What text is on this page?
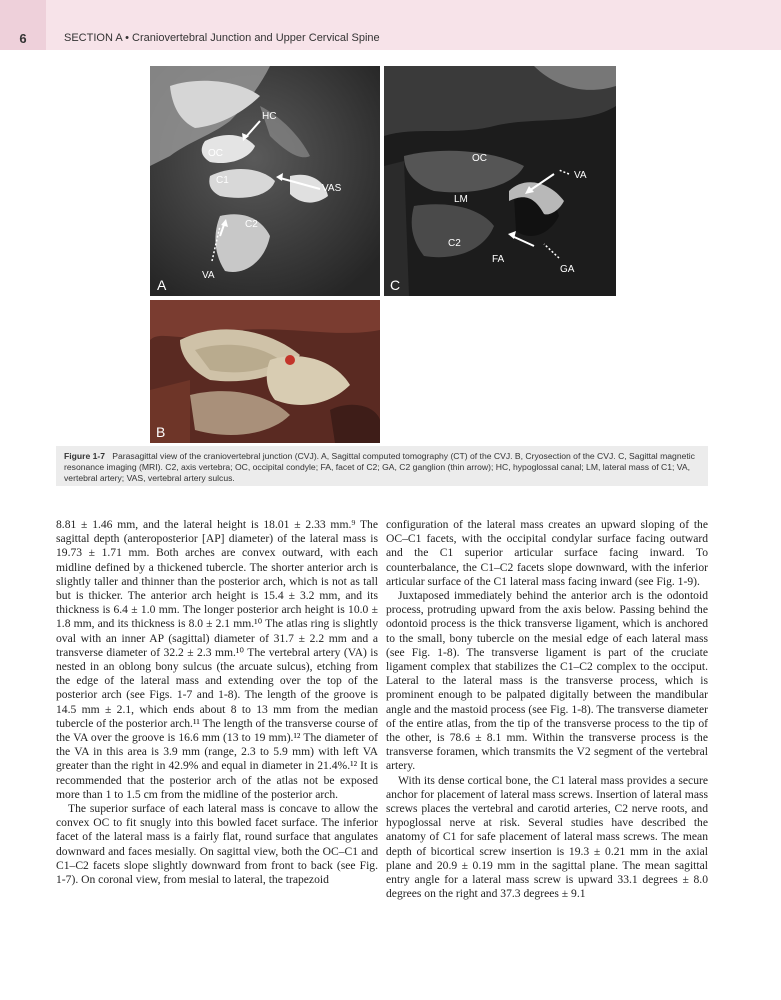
6	SECTION A • Craniovertebral Junction and Upper Cervical Spine
HC
OC
C1
VAS
C2
VA
A
OC
VA
LM
C2
FA
GA
C
B
Figure 1-7 Parasagittal view of the craniovertebral junction (CVJ). A, Sagittal computed tomography (CT) of the CVJ. B, Cryosection of the CVJ. C, Sagittal magnetic resonance imaging (MRI). C2, axis vertebra; OC, occipital condyle; FA, facet of C2; GA, C2 ganglion (thin arrow); HC, hypoglossal canal; LM, lateral mass of C1; VA, vertebral artery; VAS, vertebral artery sulcus.

8.81 ± 1.46 mm, and the lateral height is 18.01 ± 2.33 mm.⁹ The sagittal depth (anteroposterior [AP] diameter) of the lateral mass is 19.73 ± 1.71 mm. Both arches are convex outward, with each midline defined by a thickened tubercle. The shorter anterior arch is slightly taller and thinner than the posterior arch, which is not as tall but is thicker. The anterior arch height is 15.4 ± 3.2 mm, and its thickness is 6.4 ± 1.0 mm. The longer posterior arch height is 10.0 ± 1.8 mm, and its thickness is 8.0 ± 2.1 mm.¹⁰ The atlas ring is slightly oval with an inner AP (sagittal) diameter of 31.7 ± 2.2 mm and a transverse diameter of 32.2 ± 2.3 mm.¹⁰ The vertebral artery (VA) is nested in an oblong bony sulcus (the arcuate sulcus), etching from the edge of the lateral mass and extending over the top of the posterior arch (see Figs. 1-7 and 1-8). The length of the groove is 14.5 mm ± 2.1, which ends about 8 to 13 mm from the median tubercle of the posterior arch.¹¹ The length of the transverse course of the VA over the groove is 16.6 mm (13 to 19 mm).¹² The diameter of the VA in this area is 3.9 mm (range, 2.3 to 5.9 mm) with left VA greater than the right in 42.9% and equal in diameter in 21.4%.¹² It is recommended that the posterior arch of the atlas not be exposed more than 1 to 1.5 cm from the midline of the posterior arch.

The superior surface of each lateral mass is concave to allow the convex OC to fit snugly into this bowled facet surface. The inferior facet of the lateral mass is a fairly flat, round surface that angulates downward and faces mesially. On sagittal view, both the OC–C1 and C1–C2 facets slope slightly downward from front to back (see Fig. 1-7). On coronal view, from mesial to lateral, the trapezoid

configuration of the lateral mass creates an upward sloping of the OC–C1 facets, with the occipital condylar surface facing outward and the C1 superior articular surface facing inward. To counterbalance, the C1–C2 facets slope downward, with the inferior articular surface of the C1 lateral mass facing inward (see Fig. 1-9).

Juxtaposed immediately behind the anterior arch is the odontoid process, protruding upward from the axis below. Passing behind the odontoid process is the thick transverse ligament, which is anchored to the small, bony tubercle on the mesial edge of each lateral mass (see Fig. 1-8). The transverse ligament is part of the cruciate ligament complex that stabilizes the C1–C2 complex to the occiput. Lateral to the lateral mass is the transverse process, which is prominent enough to be palpated digitally between the mandibular angle and the mastoid process (see Fig. 1-8). The transverse diameter of the entire atlas, from the tip of the transverse process to the tip of the other, is 78.6 ± 8.1 mm. Within the transverse process is the transverse foramen, which transmits the V2 segment of the vertebral artery.

With its dense cortical bone, the C1 lateral mass provides a secure anchor for placement of lateral mass screws. Insertion of lateral mass screws places the vertebral and carotid arteries, C2 nerve roots, and hypoglossal nerve at risk. Several studies have described the anatomy of C1 for safe placement of lateral mass screws. The mean depth of bicortical screw insertion is 19.3 ± 0.21 mm in the axial plane and 20.9 ± 0.19 mm in the sagittal plane. The mean sagittal entry angle for a lateral mass screw is upward 33.1 degrees ± 8.0 degrees on the right and 37.3 degrees ± 9.1
